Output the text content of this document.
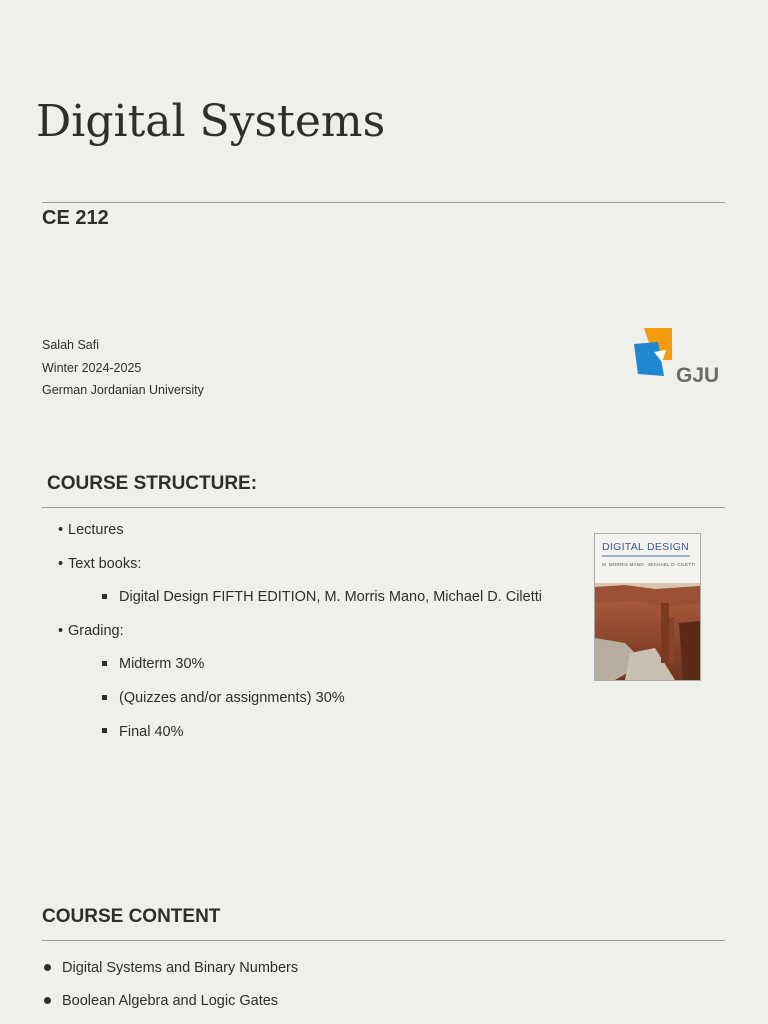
Digital Systems
CE 212
Salah Safi
Winter 2024-2025
German Jordanian University
GJU
COURSE STRUCTURE:
• Lectures
• Text books:
Digital Design FIFTH EDITION, M. Morris Mano, Michael D. Ciletti
• Grading:
Midterm 30%
(Quizzes and/or assignments) 30%
Final 40%
DIGITAL DESIGN
M. MORRIS MANO · MICHAEL D. CILETTI
COURSE CONTENT
Digital Systems and Binary Numbers
Boolean Algebra and Logic Gates
